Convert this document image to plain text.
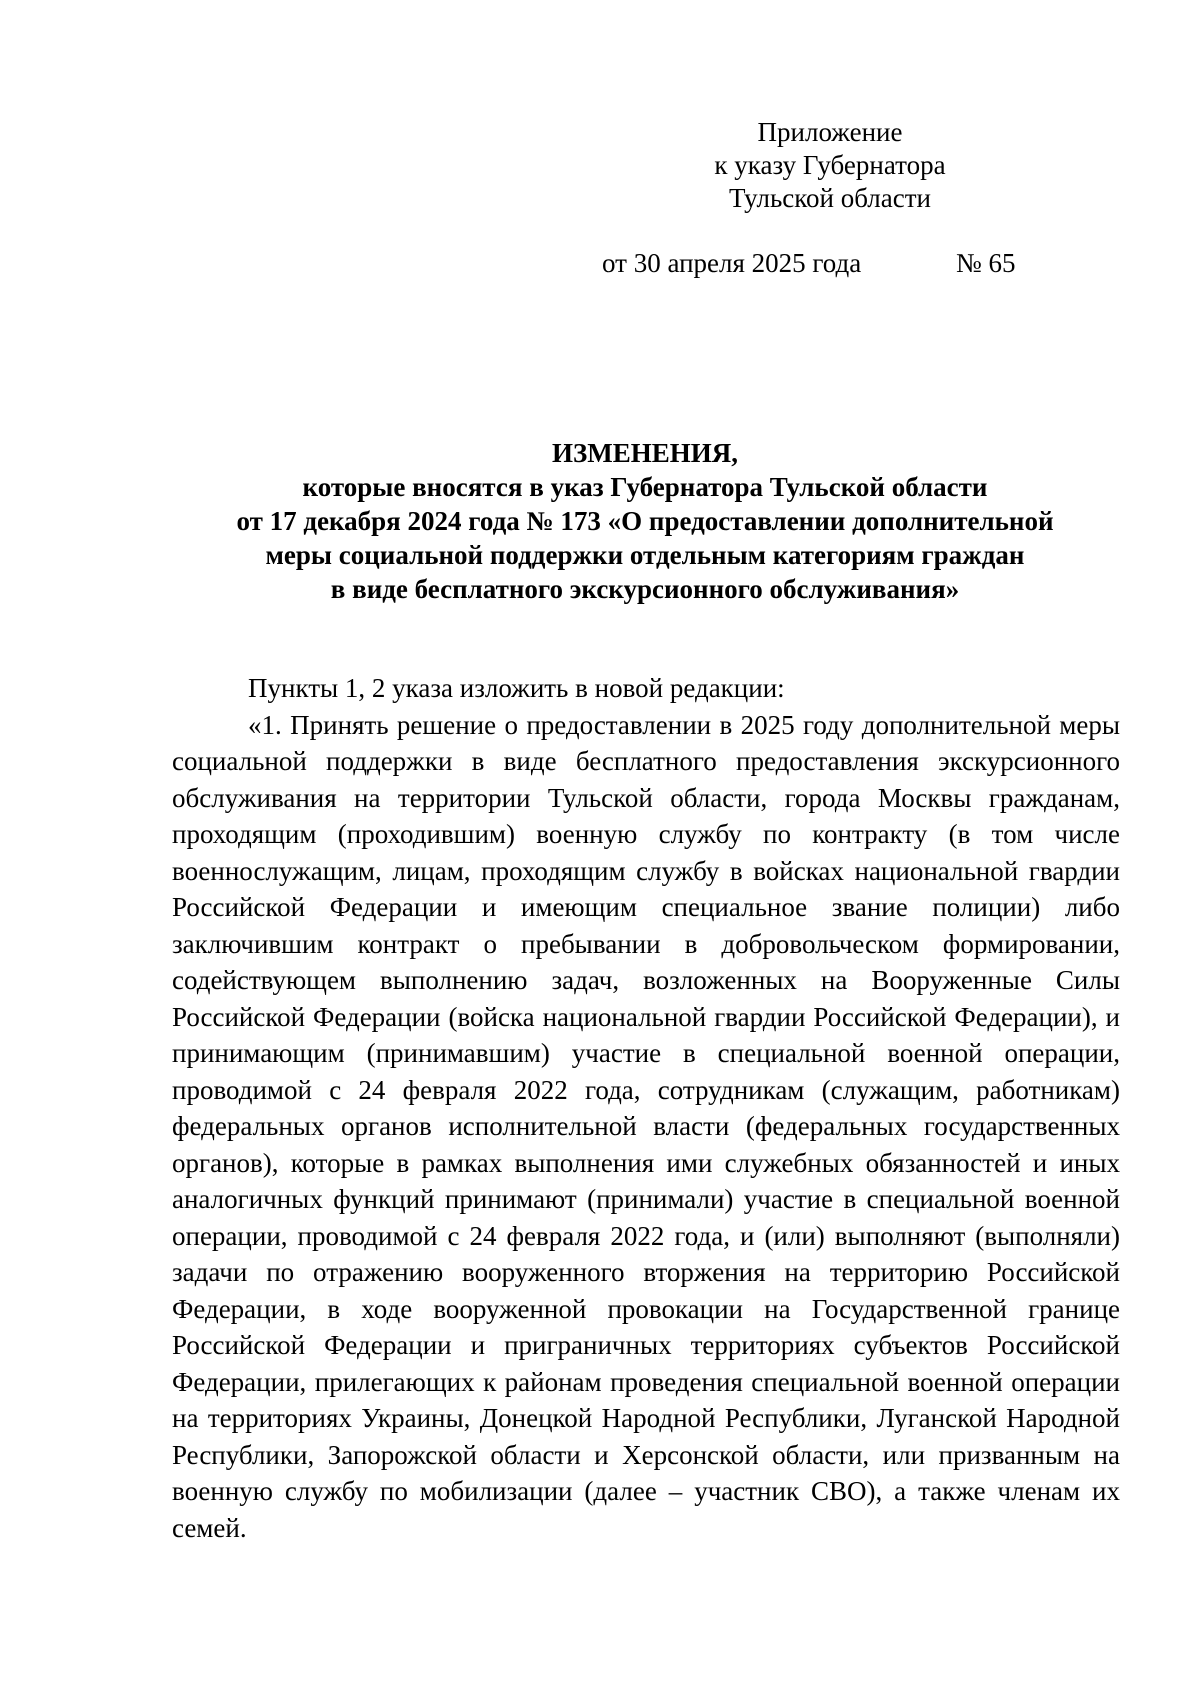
Приложение
к указу Губернатора
Тульской области
от 30 апреля 2025 года	№ 65
ИЗМЕНЕНИЯ,
которые вносятся в указ Губернатора Тульской области
от 17 декабря 2024 года № 173 «О предоставлении дополнительной
меры социальной поддержки отдельным категориям граждан
в виде бесплатного экскурсионного обслуживания»

Пункты 1, 2 указа изложить в новой редакции:

«1. Принять решение о предоставлении в 2025 году дополнительной меры социальной поддержки в виде бесплатного предоставления экскурсионного обслуживания на территории Тульской области, города Москвы гражданам, проходящим (проходившим) военную службу по контракту (в том числе военнослужащим, лицам, проходящим службу в войсках национальной гвардии Российской Федерации и имеющим специальное звание полиции) либо заключившим контракт о пребывании в добровольческом формировании, содействующем выполнению задач, возложенных на Вооруженные Силы Российской Федерации (войска национальной гвардии Российской Федерации), и принимающим (принимавшим) участие в специальной военной операции, проводимой с 24 февраля 2022 года, сотрудникам (служащим, работникам) федеральных органов исполнительной власти (федеральных государственных органов), которые в рамках выполнения ими служебных обязанностей и иных аналогичных функций принимают (принимали) участие в специальной военной операции, проводимой с 24 февраля 2022 года, и (или) выполняют (выполняли) задачи по отражению вооруженного вторжения на территорию Российской Федерации, в ходе вооруженной провокации на Государственной границе Российской Федерации и приграничных территориях субъектов Российской Федерации, прилегающих к районам проведения специальной военной операции на территориях Украины, Донецкой Народной Республики, Луганской Народной Республики, Запорожской области и Херсонской области, или призванным на военную службу по мобилизации (далее – участник СВО), а также членам их семей.
